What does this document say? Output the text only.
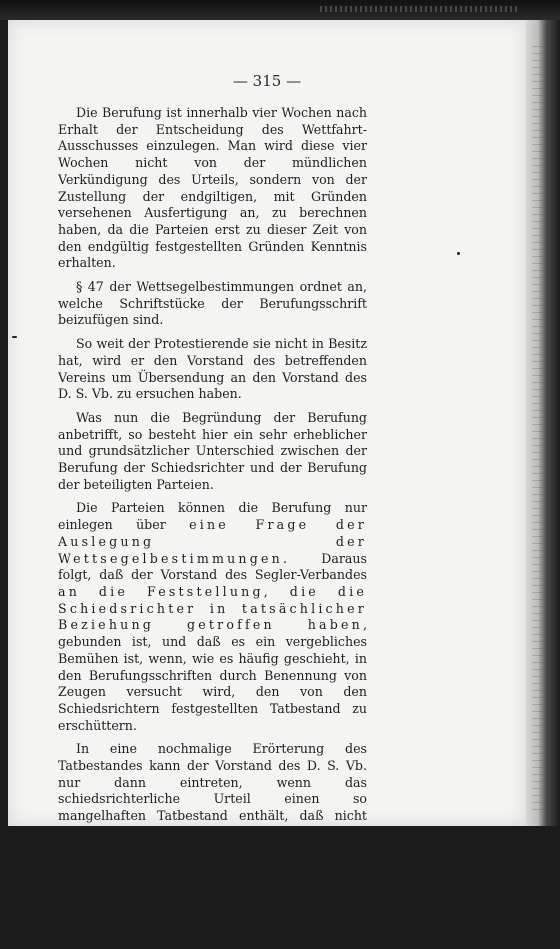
— 315 —

Die Berufung ist innerhalb vier Wochen nach Erhalt der Entscheidung des Wettfahrt-Ausschusses einzulegen. Man wird diese vier Wochen nicht von der mündlichen Verkündigung des Urteils, sondern von der Zustellung der endgiltigen, mit Gründen versehenen Ausfertigung an, zu berechnen haben, da die Parteien erst zu dieser Zeit von den endgültig festgestellten Gründen Kenntnis erhalten.

§ 47 der Wettsegelbestimmungen ordnet an, welche Schriftstücke der Berufungsschrift beizufügen sind.

So weit der Protestierende sie nicht in Besitz hat, wird er den Vorstand des betreffenden Vereins um Übersendung an den Vorstand des D. S. Vb. zu ersuchen haben.

Was nun die Begründung der Berufung anbetrifft, so besteht hier ein sehr erheblicher und grundsätzlicher Unterschied zwischen der Berufung der Schiedsrichter und der Berufung der beteiligten Parteien.

Die Parteien können die Berufung nur einlegen über eine Frage der Auslegung der Wettsegelbestimmungen. Daraus folgt, daß der Vorstand des Segler-Verbandes an die Feststellung, die die Schiedsrichter in tatsächlicher Beziehung getroffen haben, gebunden ist, und daß es ein vergebliches Bemühen ist, wenn, wie es häufig geschieht, in den Berufungsschriften durch Benennung von Zeugen versucht wird, den von den Schiedsrichtern festgestellten Tatbestand zu erschüttern.

In eine nochmalige Erörterung des Tatbestandes kann der Vorstand des D. S. Vb. nur dann eintreten, wenn das schiedsrichterliche Urteil einen so mangelhaften Tatbestand enthält, daß nicht festzustellen ist, ob die gesetzlichen Bestimmungen richtig angewendet sind. Dies würde z. B. dann stattfinden, wenn die schiedsrichterliche Entscheidung nur lautet: Auf den Protest der Yacht A. wird die Yacht B. wegen unzulässiger Behinderung an der Boje X. ausgeschlossen.
